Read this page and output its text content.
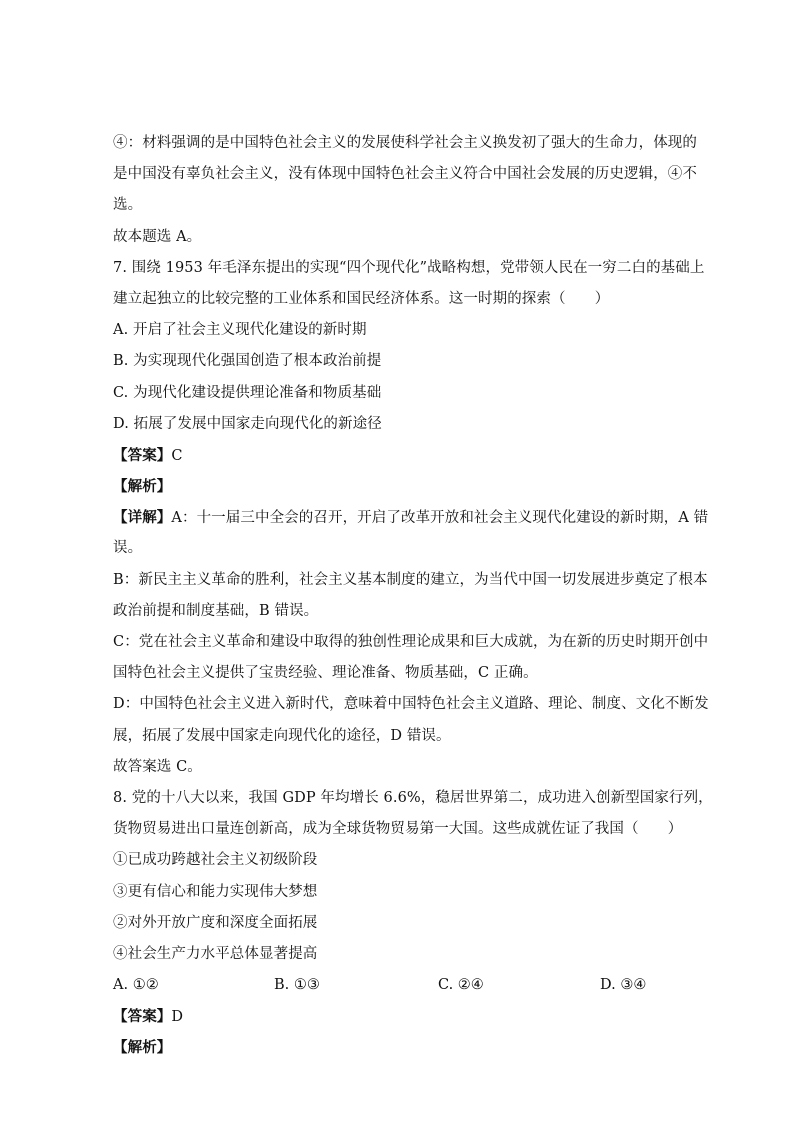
④：材料强调的是中国特色社会主义的发展使科学社会主义换发初了强大的生命力，体现的
是中国没有辜负社会主义，没有体现中国特色社会主义符合中国社会发展的历史逻辑，④不
选。
故本题选 A。
7. 围绕 1953 年毛泽东提出的实现“四个现代化”战略构想，党带领人民在一穷二白的基础上
建立起独立的比较完整的工业体系和国民经济体系。这一时期的探索（　　）
A. 开启了社会主义现代化建设的新时期
B. 为实现现代化强国创造了根本政治前提
C. 为现代化建设提供理论准备和物质基础
D. 拓展了发展中国家走向现代化的新途径
【答案】C
【解析】
【详解】A：十一届三中全会的召开，开启了改革开放和社会主义现代化建设的新时期，A 错
误。
B：新民主主义革命的胜利，社会主义基本制度的建立，为当代中国一切发展进步奠定了根本
政治前提和制度基础，B 错误。
C：党在社会主义革命和建设中取得的独创性理论成果和巨大成就，为在新的历史时期开创中
国特色社会主义提供了宝贵经验、理论准备、物质基础，C 正确。
D：中国特色社会主义进入新时代，意味着中国特色社会主义道路、理论、制度、文化不断发
展，拓展了发展中国家走向现代化的途径，D 错误。
故答案选 C。
8. 党的十八大以来，我国 GDP 年均增长 6.6%，稳居世界第二，成功进入创新型国家行列，
货物贸易进出口量连创新高，成为全球货物贸易第一大国。这些成就佐证了我国（　　）
①已成功跨越社会主义初级阶段
③更有信心和能力实现伟大梦想
②对外开放广度和深度全面拓展
④社会生产力水平总体显著提高
A. ①②	B. ①③	C. ②④	D. ③④
【答案】D
【解析】
